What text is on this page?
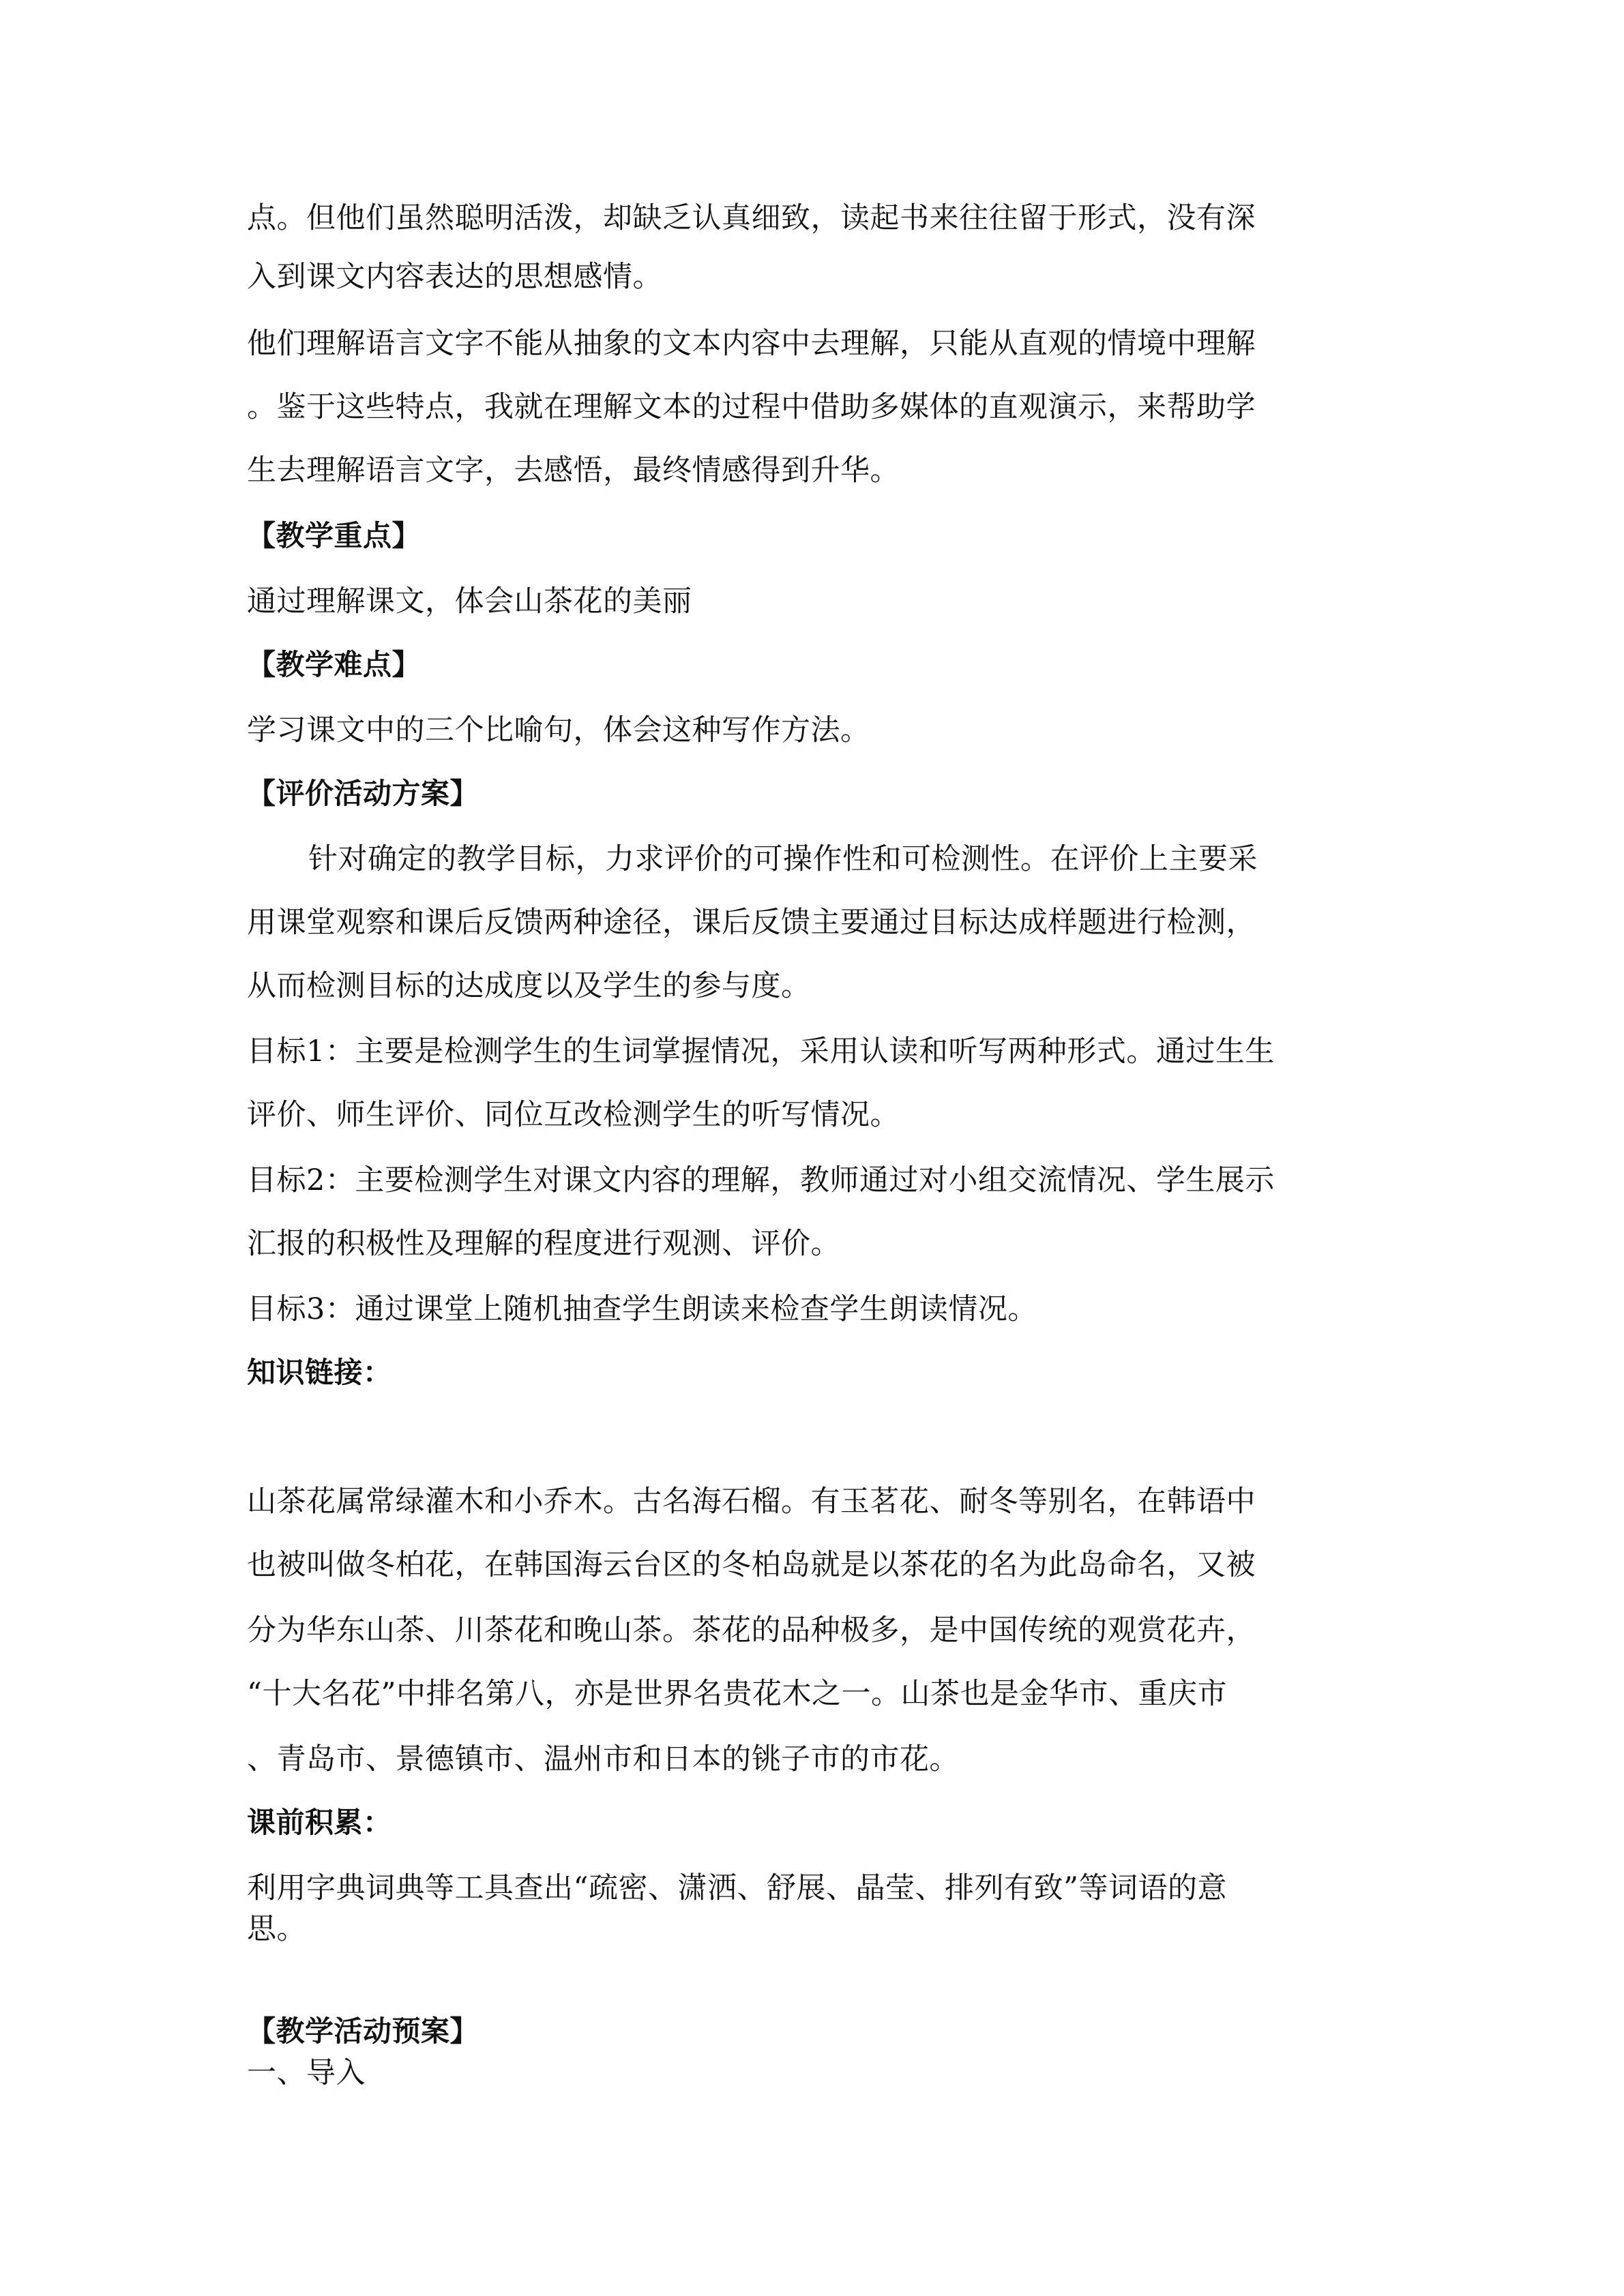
点。但他们虽然聪明活泼，却缺乏认真细致，读起书来往往留于形式，没有深
入到课文内容表达的思想感情。
他们理解语言文字不能从抽象的文本内容中去理解，只能从直观的情境中理解
。鉴于这些特点，我就在理解文本的过程中借助多媒体的直观演示，来帮助学
生去理解语言文字，去感悟，最终情感得到升华。
【教学重点】
通过理解课文，体会山茶花的美丽
【教学难点】
学习课文中的三个比喻句，体会这种写作方法。
【评价活动方案】
针对确定的教学目标，力求评价的可操作性和可检测性。在评价上主要采
用课堂观察和课后反馈两种途径，课后反馈主要通过目标达成样题进行检测，
从而检测目标的达成度以及学生的参与度。
目标1：主要是检测学生的生词掌握情况，采用认读和听写两种形式。通过生生
评价、师生评价、同位互改检测学生的听写情况。
目标2：主要检测学生对课文内容的理解，教师通过对小组交流情况、学生展示
汇报的积极性及理解的程度进行观测、评价。
目标3：通过课堂上随机抽查学生朗读来检查学生朗读情况。
知识链接：
山茶花属常绿灌木和小乔木。古名海石榴。有玉茗花、耐冬等别名，在韩语中
也被叫做冬柏花，在韩国海云台区的冬柏岛就是以茶花的名为此岛命名，又被
分为华东山茶、川茶花和晚山茶。茶花的品种极多，是中国传统的观赏花卉，
“十大名花”中排名第八，亦是世界名贵花木之一。山茶也是金华市、重庆市
、青岛市、景德镇市、温州市和日本的铫子市的市花。
课前积累：
利用字典词典等工具查出“疏密、潇洒、舒展、晶莹、排列有致”等词语的意
思。
【教学活动预案】
一、导入
